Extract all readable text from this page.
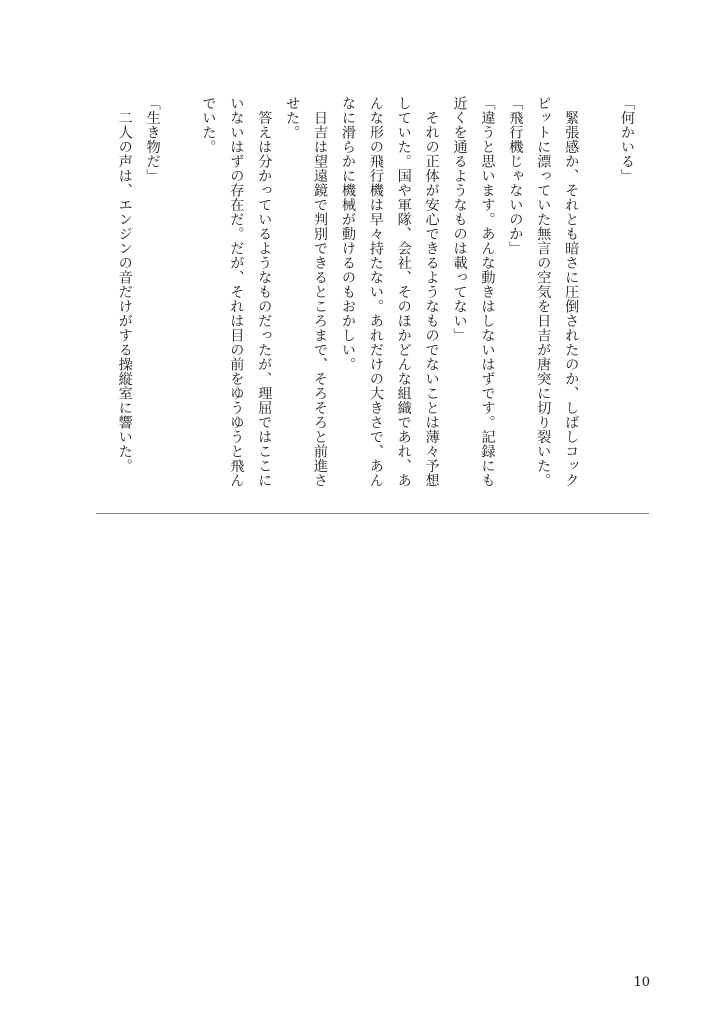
「何かいる」

　緊張感か、それとも暗さに圧倒されたのか、しばしコック
ピットに漂っていた無言の空気を日吉が唐突に切り裂いた。
「飛行機じゃないのか」
「違うと思います。あんな動きはしないはずです。記録にも
近くを通るようなものは載ってない」
　それの正体が安心できるようなものでないことは薄々予想
していた。国や軍隊、会社、そのほかどんな組織であれ、あ
んな形の飛行機は早々持たない。あれだけの大きさで、あん
なに滑らかに機械が動けるのもおかしい。
　日吉は望遠鏡で判別できるところまで、そろそろと前進さ
せた。
　答えは分かっているようなものだったが、理屈ではここに
いないはずの存在だ。だが、それは目の前をゆうゆうと飛ん
でいた。

「生き物だ」
　二人の声は、エンジンの音だけがする操縦室に響いた。
10
